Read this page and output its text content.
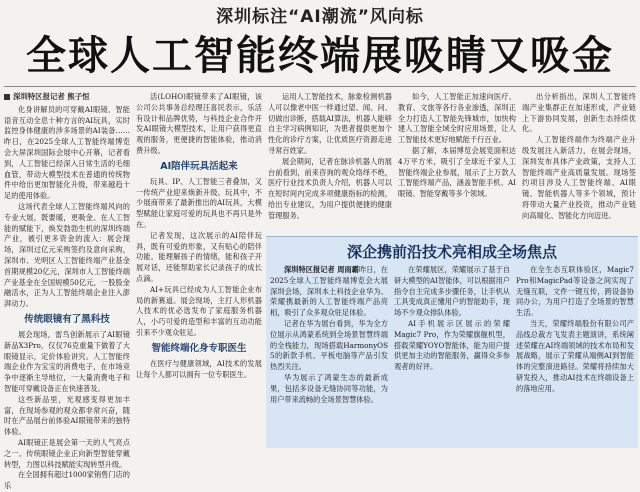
深圳标注“AI潮流”风向标
全球人工智能终端展吸睛又吸金
深圳特区报记者 熊子恒

化身讲解员的可穿戴AI眼镜、智能语音互动全息十种方言的AI玩具，实时监控身体健康的涉多场景的AI装备……昨日，在2025全球人工智能终端博览会大屏深圳国际会展中心开幕，记者看到，人工智能已经深入日常生活的毛细血管，带动大模型技术在普通的传统物件中给出更加智能化升级，带来越趋十足的使用体验。

这场代表全球人工智能终端风向的专业大展，既要暖，更吸金。在人工智能的赋能下，焕发勃勃生机的深圳终端产业，被引更多资金的流入：展会现场，深圳过亿元采购签约及意向采购，深圳市、光明区人工智能终端产业基金首期规模20亿元，深圳市人工智能终端产业基金在全国规模50亿元，一股股金融活水，正为人工智能终端企业注入澎湃动力。

传统眼镜有了黑科技

展会现场，雷鸟创新展示了AI眼镜新品X3Pro，仅仅76克重量下做着了大眼镜显示，定价体验讲究。人工智能终端企业作为宝宝的消费电子，在市场竞争中逐渐主导地位，一大量消费电子和智能可穿戴设备正在快速普及。

这些新品里，光观感变得更加丰富，在现场参观的观众都非常兴奋，随时在产品展台前体验AI眼镜带来的独特体验。

AI眼镜正是展会第一天的人气亮点之一。传统眼镜企业正向新型智能穿戴转型，力图以科技赋能实现转型升级。

在全国拥有超过1000家销售门店的乐

活(LOHO)眼镜带来了AI眼镜，该公司公共事务总经理汪喜民表示，乐活有设计和品牌优势，与科技企业合作开发AI眼镜大模型技术，让用户获得更直观的服务，更便捷的智能体验，推动消费升级。

AI陪伴玩具活起来

玩具、IP、人工智能三者叠加，又一传统产业迎来焕新升级。玩具中，不少展商带来了最新推出的AI玩具，大模型赋能让家庭可爱的玩具也不再只是外在。

记者发现，这次展示的AI陪伴玩具，既有可爱的形象，又有贴心的陪伴功能，能理解孩子的情绪，能和孩子开展对话，还能帮助家长记录孩子的成长点滴。

AI+玩具已经成为人工智能企业布局的新赛道。展会现场，主打人形机器人技术的优必选发布了家庭服务机器人，小巧可爱的造型和丰富的互动功能引来不少观众驻足。

智能终端化身专职医生

在医疗与健康领域，AI技术的发展让每个人都可以拥有一位专职医生。

运用人工智能技术，脉象检测机器人可以像老中医一样通过望、闻、问、切做出诊断，搭载AI算法，机器人能够自主学习病例知识，为患者提供更加个性化的诊疗方案，让优质医疗资源走进寻常百姓家。

展会期间，记者在脉诊机器人的展台前看到，前来咨询的观众络绎不绝，医疗行业技术负责人介绍，机器人可以在短时间内完成多项健康指标的检测，给出专业建议，为用户提供便捷的健康管理服务。

如今，人工智能正加速向医疗、教育、文旅等各行各业渗透，深圳正全力打造人工智能先锋城市，加快构建人工智能全域全时应用场景，让人工智能技术更好地赋能千行百业。

据了解，本届博览会展览面积达4万平方米，吸引了全球近千家人工智能终端企业参展，展示了上万款人工智能终端产品，涵盖智能手机、AI眼镜、智能穿戴等多个领域。

出分析指出，深圳人工智能终端产业集群正在加速形成，产业链上下游协同发展，创新生态持续优化。

人工智能终端作为终端产业升级发展注入新活力，在展会现场，深圳发布具体产业政策，支持人工智能终端产业高质量发展。现场签约项目涉及人工智能终端、AI眼镜、智能机器人等多个领域，预计将带动大量产业投资，推动产业链向高端化、智能化方向迈进。

深企携前沿技术亮相成全场焦点

深圳特区报记者 周雨霸昨日，在2025全球人工智能终端博览会大展深圳会场，深圳本土科技企业华为、荣耀携最新的人工智能终端产品亮相，吸引了众多观众驻足体验。

记者在华为展台看到，华为全方位展示从鸿蒙系统到全场景智慧终端的全栈能力，现场搭载HarmonyOS 5的新款手机、平板电脑等产品引发热烈关注。

华为展示了鸿蒙生态的最新成果，包括多设备无缝协同等功能，为用户带来流畅的全场景智慧体验。

在荣耀展区，荣耀展示了基于自研大模型的AI智能体，可以根据用户指令自主完成多步骤任务，让手机从工具变成真正懂用户的智能助手，现场不少观众排队体验。

AI手机展示区展示的荣耀Magic7 Pro，作为荣耀旗舰机型，搭载荣耀YOYO智能体，能为用户提供更加主动的智能服务，赢得众多参观者的好评。

在全生态互联体验区，Magic7 Pro和MagicPad等设备之间实现了无缝互联，文件一键互传，跨设备协同办公，为用户打造了全场景的智慧生活。

当天，荣耀终端股份有限公司产品线总裁方飞发表主题演讲，系统阐述荣耀在AI终端领域的技术布局和发展战略，展示了荣耀从端侧AI到智能体的完整演进路径。荣耀将持续加大研发投入，推动AI技术在终端设备上的落地应用。
